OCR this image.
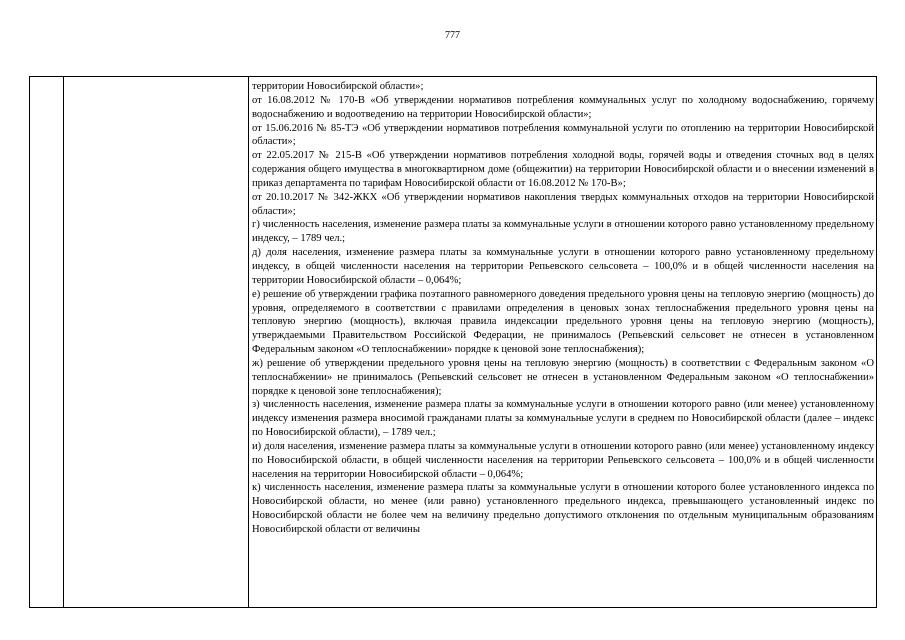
777

территории Новосибирской области»;

от 16.08.2012 № 170-В «Об утверждении нормативов потребления коммунальных услуг по холодному водоснабжению, горячему водоснабжению и водоотведению на территории Новосибирской области»;

от 15.06.2016 № 85-ТЭ «Об утверждении нормативов потребления коммунальной услуги по отоплению на территории Новосибирской области»;

от 22.05.2017 № 215-В «Об утверждении нормативов потребления холодной воды, горячей воды и отведения сточных вод в целях содержания общего имущества в многоквартирном доме (общежитии) на территории Новосибирской области и о внесении изменений в приказ департамента по тарифам Новосибирской области от 16.08.2012 № 170-В»;

от 20.10.2017 № 342-ЖКХ «Об утверждении нормативов накопления твердых коммунальных отходов на территории Новосибирской области»;

г) численность населения, изменение размера платы за коммунальные услуги в отношении которого равно установленному предельному индексу, – 1789 чел.;

д) доля населения, изменение размера платы за коммунальные услуги в отношении которого равно установленному предельному индексу, в общей численности населения на территории Репьевского сельсовета – 100,0% и в общей численности населения на территории Новосибирской области – 0,064%;

е) решение об утверждении графика поэтапного равномерного доведения предельного уровня цены на тепловую энергию (мощность) до уровня, определяемого в соответствии с правилами определения в ценовых зонах теплоснабжения предельного уровня цены на тепловую энергию (мощность), включая правила индексации предельного уровня цены на тепловую энергию (мощность), утверждаемыми Правительством Российской Федерации, не принималось (Репьевский сельсовет не отнесен в установленном Федеральным законом «О теплоснабжении» порядке к ценовой зоне теплоснабжения);

ж) решение об утверждении предельного уровня цены на тепловую энергию (мощность) в соответствии с Федеральным законом «О теплоснабжении» не принималось (Репьевский сельсовет не отнесен в установленном Федеральным законом «О теплоснабжении» порядке к ценовой зоне теплоснабжения);

з) численность населения, изменение размера платы за коммунальные услуги в отношении которого равно (или менее) установленному индексу изменения размера вносимой гражданами платы за коммунальные услуги в среднем по Новосибирской области (далее – индекс по Новосибирской области), – 1789 чел.;

и) доля населения, изменение размера платы за коммунальные услуги в отношении которого равно (или менее) установленному индексу по Новосибирской области, в общей численности населения на территории Репьевского сельсовета – 100,0% и в общей численности населения на территории Новосибирской области – 0,064%;

к) численность населения, изменение размера платы за коммунальные услуги в отношении которого более установленного индекса по Новосибирской области, но менее (или равно) установленного предельного индекса, превышающего установленный индекс по Новосибирской области не более чем на величину предельно допустимого отклонения по отдельным муниципальным образованиям Новосибирской области от величины
